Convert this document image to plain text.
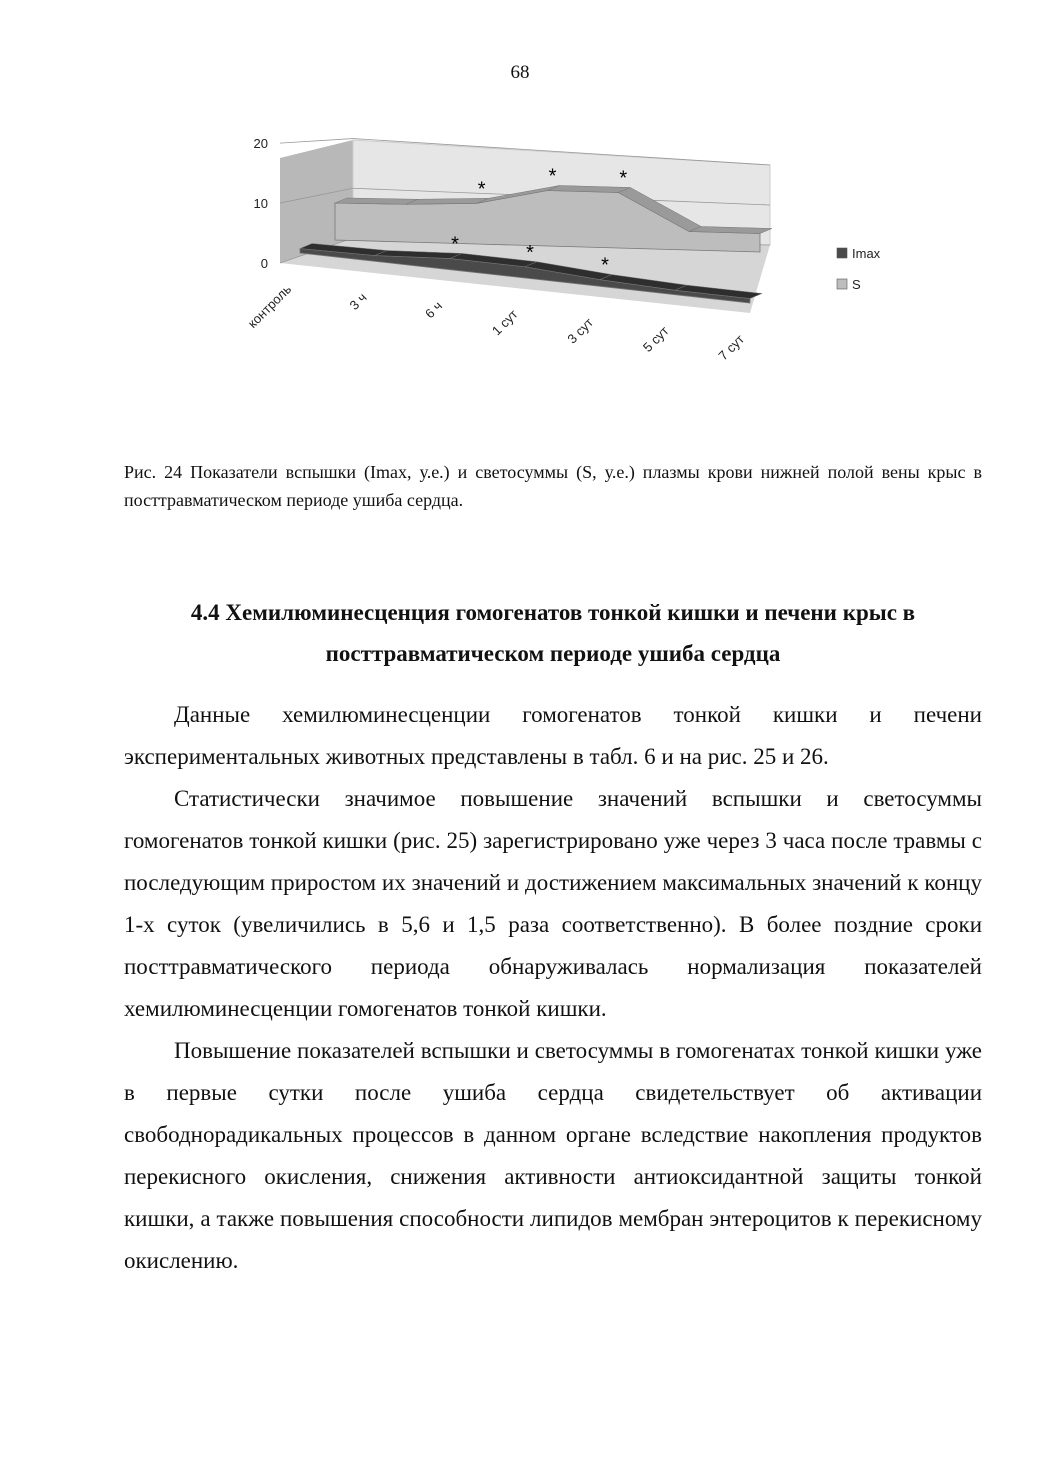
68
0
10
20
*
*	*
*	*
*
контроль	3 ч	6 ч	1 сут	3 сут	5 сут	7 сут
Imax
S
Рис. 24 Показатели вспышки (Imax, у.е.) и светосуммы (S, у.е.) плазмы крови нижней полой вены крыс в посттравматическом периоде ушиба сердца.
4.4 Хемилюминесценция гомогенатов тонкой кишки и печени крыс в посттравматическом периоде ушиба сердца

Данные хемилюминесценции гомогенатов тонкой кишки и печени экспериментальных животных представлены в табл. 6 и на рис. 25 и 26.

Статистически значимое повышение значений вспышки и светосуммы гомогенатов тонкой кишки (рис. 25) зарегистрировано уже через 3 часа после травмы с последующим приростом их значений и достижением максимальных значений к концу 1-х суток (увеличились в 5,6 и 1,5 раза соответственно). В более поздние сроки посттравматического периода обнаруживалась нормализация показателей хемилюминесценции гомогенатов тонкой кишки.

Повышение показателей вспышки и светосуммы в гомогенатах тонкой кишки уже в первые сутки после ушиба сердца свидетельствует об активации свободнорадикальных процессов в данном органе вследствие накопления продуктов перекисного окисления, снижения активности антиоксидантной защиты тонкой кишки, а также повышения способности липидов мембран энтероцитов к перекисному окислению.
